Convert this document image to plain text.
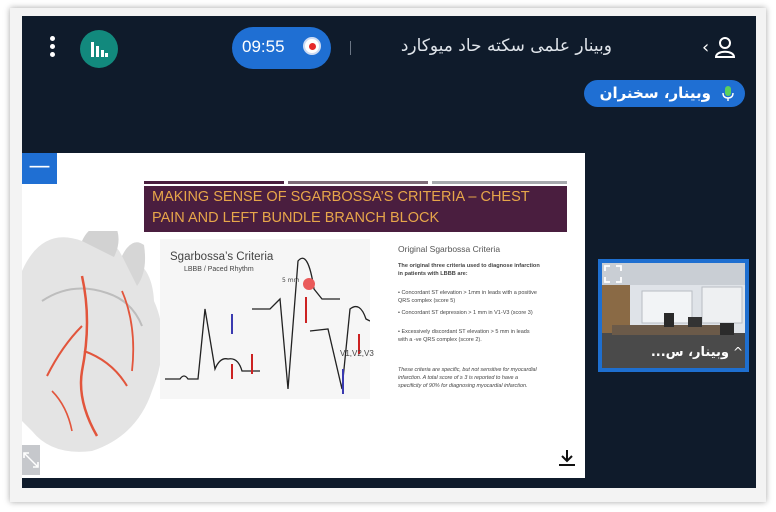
09:55	وبینار علمی سکته حاد میوکارد	‹
وبینار، سخنران
—
MAKING SENSE OF SGARBOSSA’S CRITERIA – CHEST
PAIN AND LEFT BUNDLE BRANCH BLOCK
Sgarbossa’s Criteria
LBBB / Paced Rhythm
5 mm
V1,V2,V3
Original Sgarbossa Criteria
The original three criteria used to diagnose infarction in patients with LBBB are:
• Concordant ST elevation > 1mm in leads with a positive QRS complex (score 5)
• Concordant ST depression > 1 mm in V1-V3 (score 3)
• Excessively discordant ST elevation > 5 mm in leads with a -ve QRS complex (score 2).
These criteria are specific, but not sensitive for myocardial infarction. A total score of ≥ 3 is reported to have a specificity of 90% for diagnosing myocardial infarction.
وبینار، س... ^
